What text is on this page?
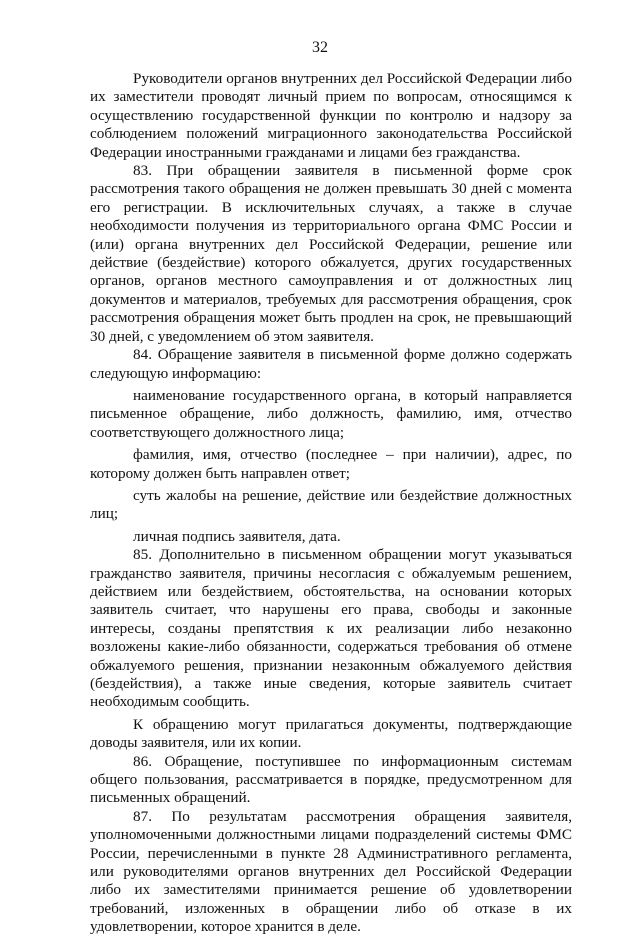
32

Руководители органов внутренних дел Российской Федерации либо их заместители проводят личный прием по вопросам, относящимся к осуществлению государственной функции по контролю и надзору за соблюдением положений миграционного законодательства Российской Федерации иностранными гражданами и лицами без гражданства.

83. При обращении заявителя в письменной форме срок рассмотрения такого обращения не должен превышать 30 дней с момента его регистрации. В исключительных случаях, а также в случае необходимости получения из территориального органа ФМС России и (или) органа внутренних дел Российской Федерации, решение или действие (бездействие) которого обжалуется, других государственных органов, органов местного самоуправления и от должностных лиц документов и материалов, требуемых для рассмотрения обращения, срок рассмотрения обращения может быть продлен на срок, не превышающий 30 дней, с уведомлением об этом заявителя.

84. Обращение заявителя в письменной форме должно содержать следующую информацию:

наименование государственного органа, в который направляется письменное обращение, либо должность, фамилию, имя, отчество соответствующего должностного лица;

фамилия, имя, отчество (последнее – при наличии), адрес, по которому должен быть направлен ответ;

суть жалобы на решение, действие или бездействие должностных лиц;

личная подпись заявителя, дата.

85. Дополнительно в письменном обращении могут указываться гражданство заявителя, причины несогласия с обжалуемым решением, действием или бездействием, обстоятельства, на основании которых заявитель считает, что нарушены его права, свободы и законные интересы, созданы препятствия к их реализации либо незаконно возложены какие-либо обязанности, содержаться требования об отмене обжалуемого решения, признании незаконным обжалуемого действия (бездействия), а также иные сведения, которые заявитель считает необходимым сообщить.

К обращению могут прилагаться документы, подтверждающие доводы заявителя, или их копии.

86. Обращение, поступившее по информационным системам общего пользования, рассматривается в порядке, предусмотренном для письменных обращений.

87. По результатам рассмотрения обращения заявителя, уполномоченными должностными лицами подразделений системы ФМС России, перечисленными в пункте 28 Административного регламента, или руководителями органов внутренних дел Российской Федерации либо их заместителями принимается решение об удовлетворении требований, изложенных в обращении либо об отказе в их удовлетворении, которое хранится в деле.
